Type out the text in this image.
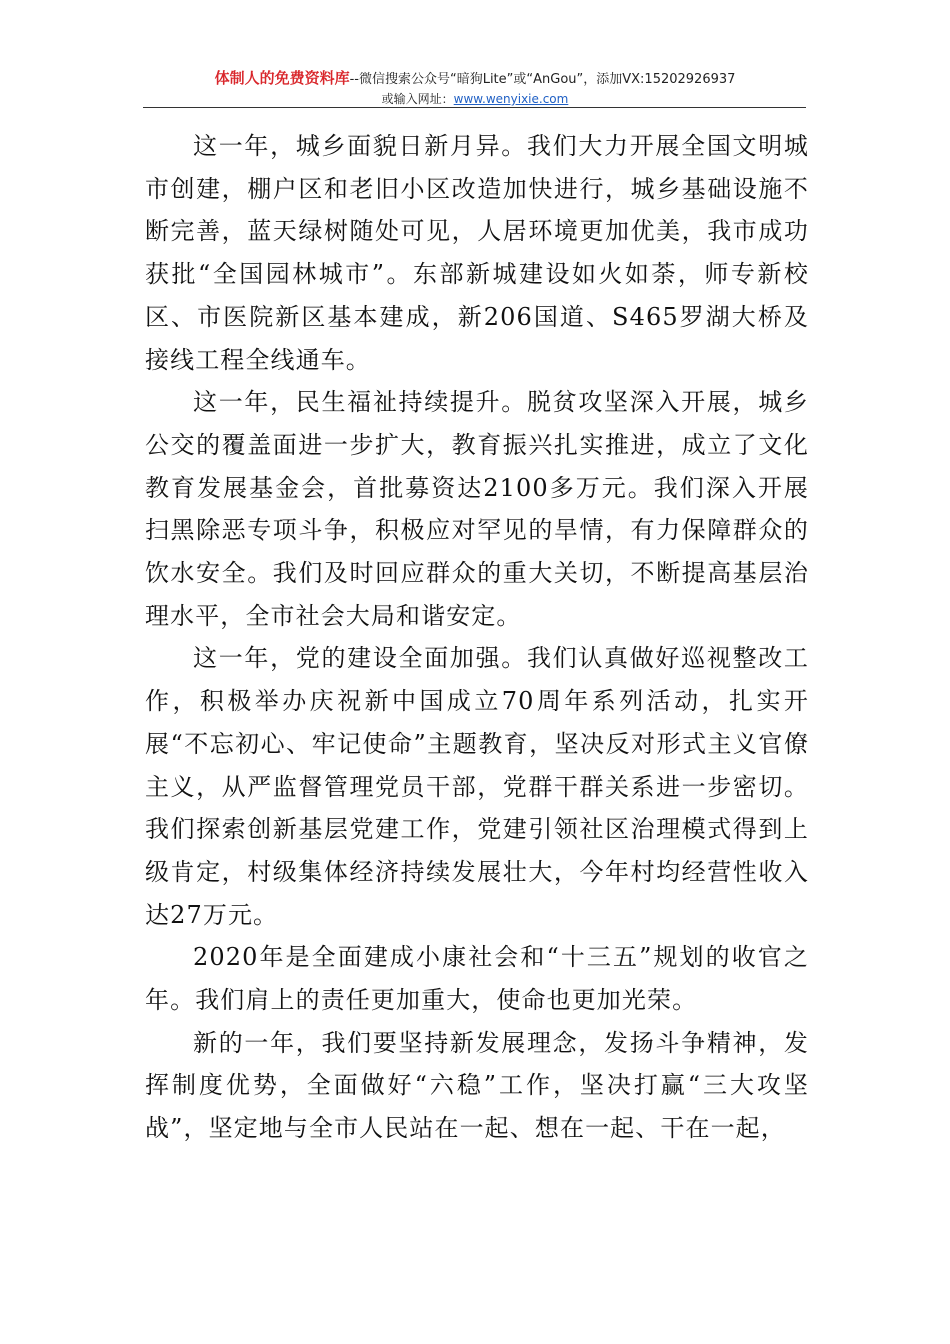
体制人的免费资料库--微信搜索公众号“暗狗Lite”或“AnGou”，添加VX:15202926937
或输入网址：www.wenyixie.com

这一年，城乡面貌日新月异。我们大力开展全国文明城市创建，棚户区和老旧小区改造加快进行，城乡基础设施不断完善，蓝天绿树随处可见，人居环境更加优美，我市成功获批“全国园林城市”。东部新城建设如火如荼，师专新校区、市医院新区基本建成，新206国道、S465罗湖大桥及接线工程全线通车。

这一年，民生福祉持续提升。脱贫攻坚深入开展，城乡公交的覆盖面进一步扩大，教育振兴扎实推进，成立了文化教育发展基金会，首批募资达2100多万元。我们深入开展扫黑除恶专项斗争，积极应对罕见的旱情，有力保障群众的饮水安全。我们及时回应群众的重大关切，不断提高基层治理水平，全市社会大局和谐安定。

这一年，党的建设全面加强。我们认真做好巡视整改工作，积极举办庆祝新中国成立70周年系列活动，扎实开展“不忘初心、牢记使命”主题教育，坚决反对形式主义官僚主义，从严监督管理党员干部，党群干群关系进一步密切。我们探索创新基层党建工作，党建引领社区治理模式得到上级肯定，村级集体经济持续发展壮大，今年村均经营性收入达27万元。

2020年是全面建成小康社会和“十三五”规划的收官之年。我们肩上的责任更加重大，使命也更加光荣。

新的一年，我们要坚持新发展理念，发扬斗争精神，发挥制度优势，全面做好“六稳”工作，坚决打赢“三大攻坚战”，坚定地与全市人民站在一起、想在一起、干在一起，
